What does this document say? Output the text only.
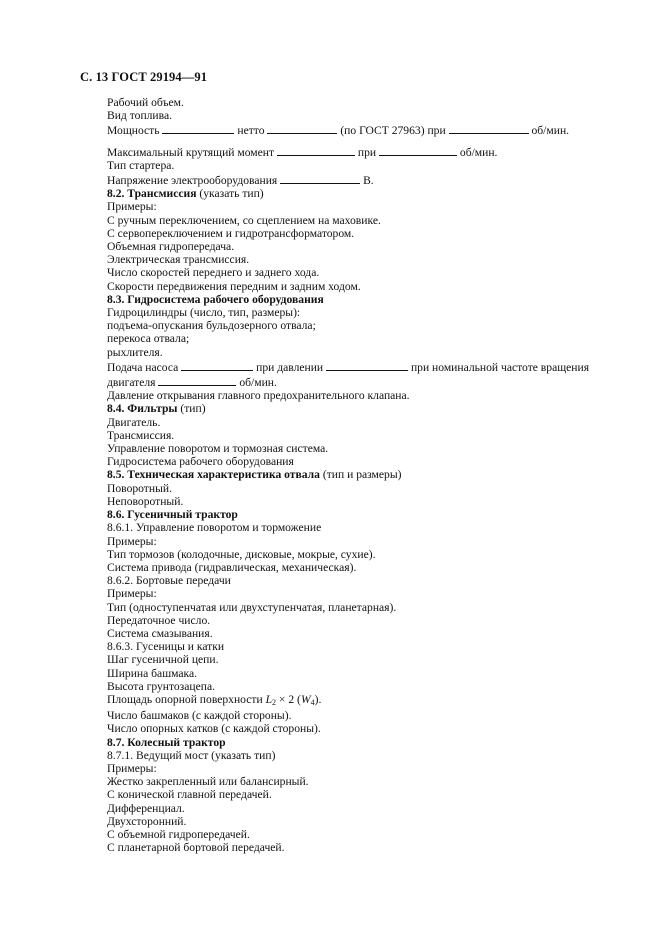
С. 13 ГОСТ 29194—91
Рабочий объем.
Вид топлива.
Мощность	нетто	(по ГОСТ 27963) при	об/мин.
Максимальный крутящий момент	при	об/мин.
Тип стартера.
Напряжение электрооборудования	В.
8.2. Трансмиссия (указать тип)
Примеры:
С ручным переключением, со сцеплением на маховике.
С сервопереключением и гидротрансформатором.
Объемная гидропередача.
Электрическая трансмиссия.
Число скоростей переднего и заднего хода.
Скорости передвижения передним и задним ходом.
8.3. Гидросистема рабочего оборудования
Гидроцилиндры (число, тип, размеры):
подъема-опускания бульдозерного отвала;
перекоса отвала;
рыхлителя.
Подача насоса	при давлении	при номинальной частоте вращения
двигателя	об/мин.
Давление открывания главного предохранительного клапана.
8.4. Фильтры (тип)
Двигатель.
Трансмиссия.
Управление поворотом и тормозная система.
Гидросистема рабочего оборудования
8.5. Техническая характеристика отвала (тип и размеры)
Поворотный.
Неповоротный.
8.6. Гусеничный трактор
8.6.1. Управление поворотом и торможение
Примеры:
Тип тормозов (колодочные, дисковые, мокрые, сухие).
Система привода (гидравлическая, механическая).
8.6.2. Бортовые передачи
Примеры:
Тип (одноступенчатая или двухступенчатая, планетарная).
Передаточное число.
Система смазывания.
8.6.3. Гусеницы и катки
Шаг гусеничной цепи.
Ширина башмака.
Высота грунтозацепа.
Площадь опорной поверхности $L_2 \times 2$ $(W_4)$.
Число башмаков (с каждой стороны).
Число опорных катков (с каждой стороны).
8.7. Колесный трактор
8.7.1. Ведущий мост (указать тип)
Примеры:
Жестко закрепленный или балансирный.
С конической главной передачей.
Дифференциал.
Двухсторонний.
С объемной гидропередачей.
С планетарной бортовой передачей.
